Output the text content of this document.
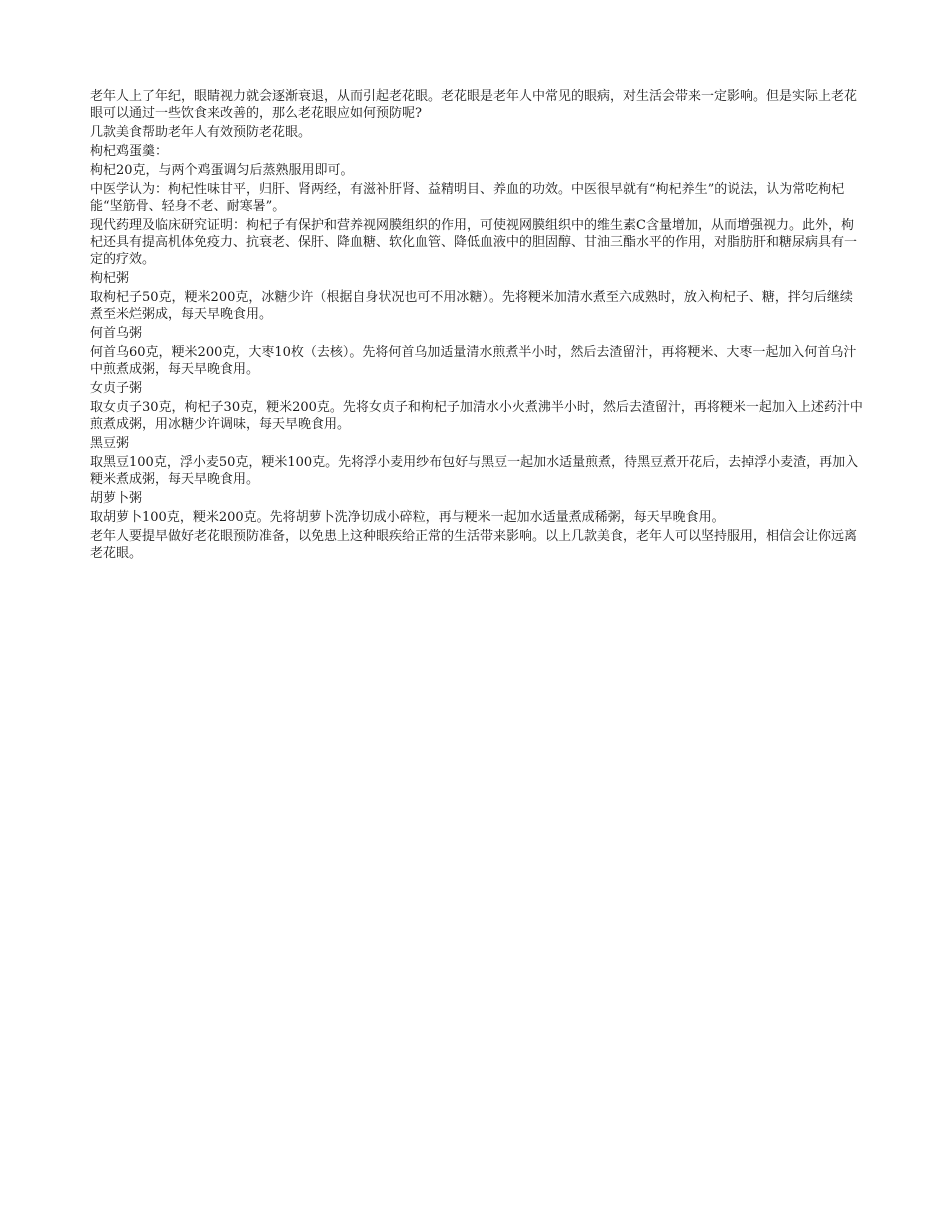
老年人上了年纪，眼睛视力就会逐渐衰退，从而引起老花眼。老花眼是老年人中常见的眼病，对生活会带来一定影响。但是实际上老花眼可以通过一些饮食来改善的，那么老花眼应如何预防呢?

几款美食帮助老年人有效预防老花眼。

枸杞鸡蛋羹：

枸杞20克，与两个鸡蛋调匀后蒸熟服用即可。

中医学认为：枸杞性味甘平，归肝、肾两经，有滋补肝肾、益精明目、养血的功效。中医很早就有“枸杞养生”的说法，认为常吃枸杞能“坚筋骨、轻身不老、耐寒暑”。

现代药理及临床研究证明：枸杞子有保护和营养视网膜组织的作用，可使视网膜组织中的维生素C含量增加，从而增强视力。此外，枸杞还具有提高机体免疫力、抗衰老、保肝、降血糖、软化血管、降低血液中的胆固醇、甘油三酯水平的作用，对脂肪肝和糖尿病具有一定的疗效。

枸杞粥

取枸杞子50克，粳米200克，冰糖少许（根据自身状况也可不用冰糖）。先将粳米加清水煮至六成熟时，放入枸杞子、糖，拌匀后继续煮至米烂粥成，每天早晚食用。

何首乌粥

何首乌60克，粳米200克，大枣10枚（去核）。先将何首乌加适量清水煎煮半小时，然后去渣留汁，再将粳米、大枣一起加入何首乌汁中煎煮成粥，每天早晚食用。

女贞子粥

取女贞子30克，枸杞子30克，粳米200克。先将女贞子和枸杞子加清水小火煮沸半小时，然后去渣留汁，再将粳米一起加入上述药汁中煎煮成粥，用冰糖少许调味，每天早晚食用。

黑豆粥

取黑豆100克，浮小麦50克，粳米100克。先将浮小麦用纱布包好与黑豆一起加水适量煎煮，待黑豆煮开花后，去掉浮小麦渣，再加入粳米煮成粥，每天早晚食用。

胡萝卜粥

取胡萝卜100克，粳米200克。先将胡萝卜洗净切成小碎粒，再与粳米一起加水适量煮成稀粥，每天早晚食用。

老年人要提早做好老花眼预防准备，以免患上这种眼疾给正常的生活带来影响。以上几款美食，老年人可以坚持服用，相信会让你远离老花眼。
